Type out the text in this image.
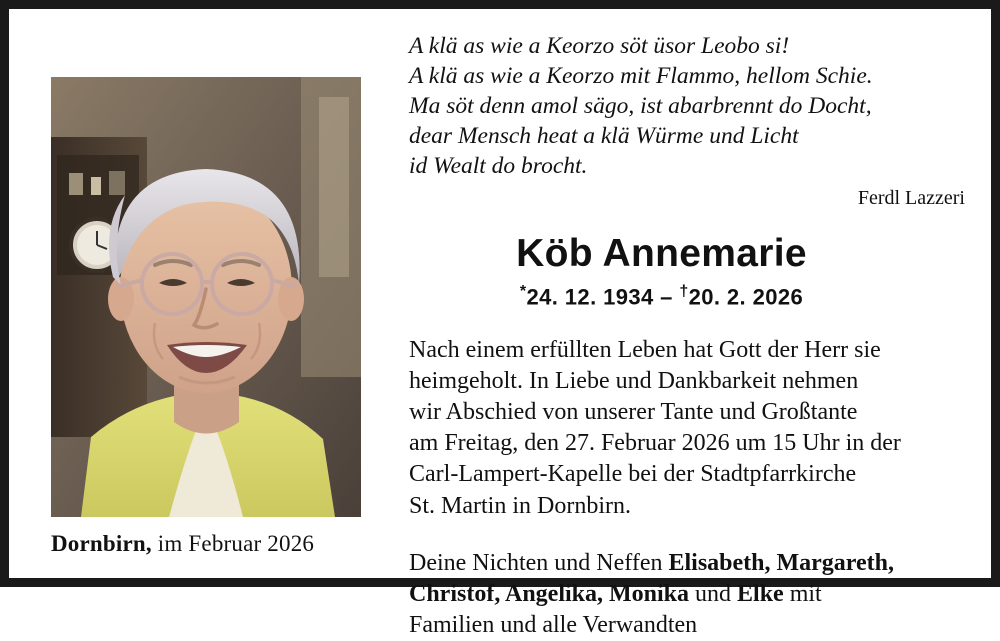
Dornbirn, im Februar 2026
A klä as wie a Keorzo söt üsor Leobo si!
A klä as wie a Keorzo mit Flammo, hellom Schie.
Ma söt denn amol sägo, ist abarbrennt do Docht,
dear Mensch heat a klä Würme und Licht
id Wealt do brocht.
Ferdl Lazzeri
Köb Annemarie
*24. 12. 1934 – †20. 2. 2026
Nach einem erfüllten Leben hat Gott der Herr sie
heimgeholt. In Liebe und Dankbarkeit nehmen
wir Abschied von unserer Tante und Großtante
am Freitag, den 27. Februar 2026 um 15 Uhr in der
Carl-Lampert-Kapelle bei der Stadtpfarrkirche
St. Martin in Dornbirn.
Deine Nichten und Neffen Elisabeth, Margareth,
Christof, Angelika, Monika und Elke mit
Familien und alle Verwandten
